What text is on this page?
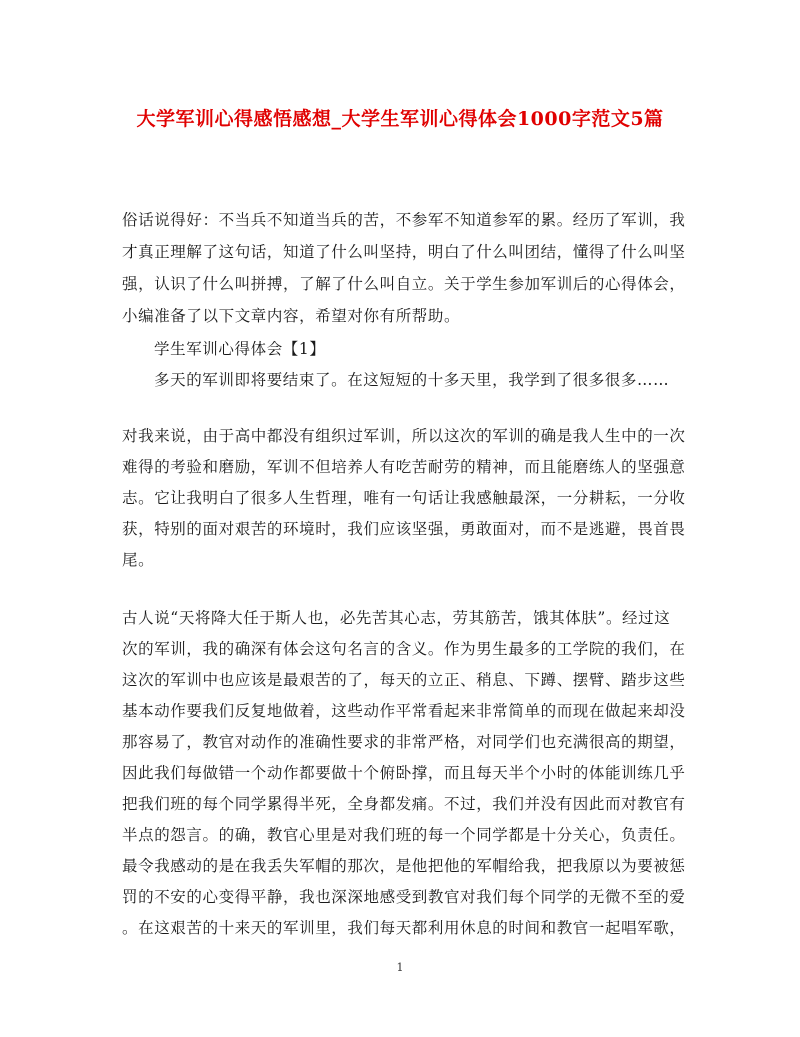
大学军训心得感悟感想_大学生军训心得体会1000字范文5篇
俗话说得好：不当兵不知道当兵的苦，不参军不知道参军的累。经历了军训，我
才真正理解了这句话，知道了什么叫坚持，明白了什么叫团结，懂得了什么叫坚
强，认识了什么叫拼搏，了解了什么叫自立。关于学生参加军训后的心得体会，
小编准备了以下文章内容，希望对你有所帮助。
学生军训心得体会【1】
多天的军训即将要结束了。在这短短的十多天里，我学到了很多很多……
对我来说，由于高中都没有组织过军训，所以这次的军训的确是我人生中的一次
难得的考验和磨励，军训不但培养人有吃苦耐劳的精神，而且能磨练人的坚强意
志。它让我明白了很多人生哲理，唯有一句话让我感触最深，一分耕耘，一分收
获，特别的面对艰苦的环境时，我们应该坚强，勇敢面对，而不是逃避，畏首畏
尾。
古人说“天将降大任于斯人也，必先苦其心志，劳其筋苦，饿其体肤”。经过这
次的军训，我的确深有体会这句名言的含义。作为男生最多的工学院的我们，在
这次的军训中也应该是最艰苦的了，每天的立正、稍息、下蹲、摆臂、踏步这些
基本动作要我们反复地做着，这些动作平常看起来非常简单的而现在做起来却没
那容易了，教官对动作的准确性要求的非常严格，对同学们也充满很高的期望，
因此我们每做错一个动作都要做十个俯卧撑，而且每天半个小时的体能训练几乎
把我们班的每个同学累得半死，全身都发痛。不过，我们并没有因此而对教官有
半点的怨言。的确，教官心里是对我们班的每一个同学都是十分关心，负责任。
最令我感动的是在我丢失军帽的那次，是他把他的军帽给我，把我原以为要被惩
罚的不安的心变得平静，我也深深地感受到教官对我们每个同学的无微不至的爱
。在这艰苦的十来天的军训里，我们每天都利用休息的时间和教官一起唱军歌，
1
